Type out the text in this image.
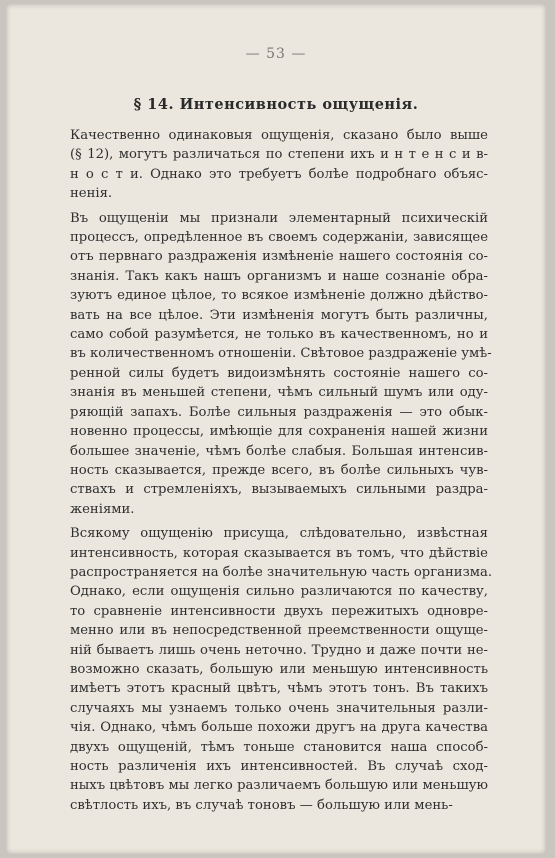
— 53 —
§ 14. Интенсивность ощущенія.
Качественно одинаковыя ощущенія, сказано было выше
(§ 12), могутъ различаться по степени ихъ и н т е н с и в-
н о с т и. Однако это требуетъ болѣе подробнаго объяс-
ненія.
Въ ощущеніи мы признали элементарный психическій
процессъ, опредѣленное въ своемъ содержаніи, зависящее
отъ первнаго раздраженія измѣненіе нашего состоянія со-
знанія. Такъ какъ нашъ организмъ и наше сознаніе обра-
зуютъ единое цѣлое, то всякое измѣненіе должно дѣйство-
вать на все цѣлое. Эти измѣненія могутъ быть различны,
само собой разумѣется, не только въ качественномъ, но и
въ количественномъ отношеніи. Свѣтовое раздраженіе умѣ-
ренной силы будетъ видоизмѣнять состояніе нашего со-
знанія въ меньшей степени, чѣмъ сильный шумъ или оду-
ряющій запахъ. Болѣе сильныя раздраженія — это обык-
новенно процессы, имѣющіе для сохраненія нашей жизни
большее значеніе, чѣмъ болѣе слабыя. Большая интенсив-
ность сказывается, прежде всего, въ болѣе сильныхъ чув-
ствахъ и стремленіяхъ, вызываемыхъ сильными раздра-
женіями.
Всякому ощущенію присуща, слѣдовательно, извѣстная
интенсивность, которая сказывается въ томъ, что дѣйствіе
распространяется на болѣе значительную часть организма.
Однако, если ощущенія сильно различаются по качеству,
то сравненіе интенсивности двухъ пережитыхъ одновре-
менно или въ непосредственной преемственности ощуще-
ній бываетъ лишь очень неточно. Трудно и даже почти не-
возможно сказать, большую или меньшую интенсивность
имѣетъ этотъ красный цвѣтъ, чѣмъ этотъ тонъ. Въ такихъ
случаяхъ мы узнаемъ только очень значительныя разли-
чія. Однако, чѣмъ больше похожи другъ на друга качества
двухъ ощущеній, тѣмъ тоньше становится наша способ-
ность различенія ихъ интенсивностей. Въ случаѣ сход-
ныхъ цвѣтовъ мы легко различаемъ большую или меньшую
свѣтлость ихъ, въ случаѣ тоновъ — большую или мень-
